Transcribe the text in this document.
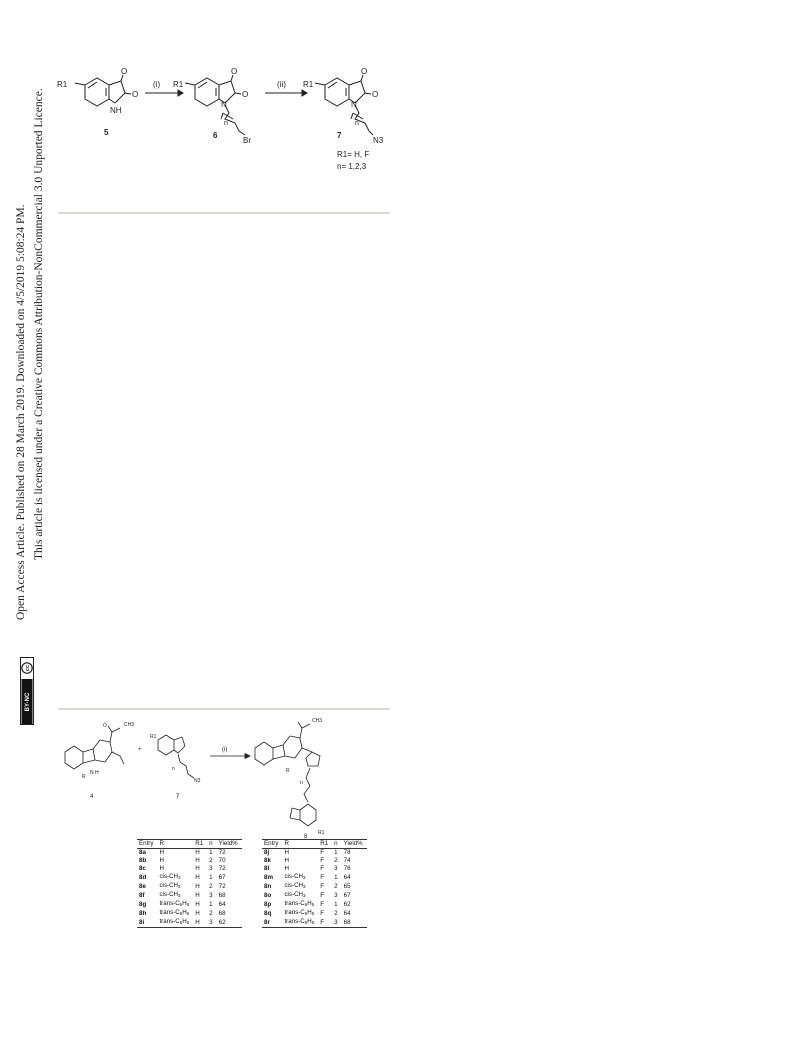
Open Access Article. Published on 28 March 2019. Downloaded on 4/5/2019 5:08:24 PM. This article is licensed under a Creative Commons Attribution-NonCommercial 3.0 Unported Licence.
cc
BY-NC
R1
O
O
NH
5
(i) R1
O
O
N
n
Br
6
(ii) R1
O
O
N
n
N3
7
R1= H, F
n= 1,2,3
CH3
O
R
N H
4
+
R1
n
N3
7
(i)
CH3
R
n
R1
8
Entry	R	R1	n	Yield%
8a	H	H	1	72
8b	H	H	2	70
8c	H	H	3	72
8d	cis-$CH_3$	H	1	67
8e	cis-$CH_3$	H	2	72
8f	cis-$CH_3$	H	3	68
8g	trans-$C_6H_5$	H	1	64
8h	trans-$C_6H_5$	H	2	68
8i	trans-$C_6H_5$	H	3	62
Entry	R	R1	n	Yield%
8j	H	F	1	78
8k	H	F	2	74
8l	H	F	3	76
8m	cis-$CH_3$	F	1	64
8n	cis-$CH_3$	F	2	65
8o	cis-$CH_3$	F	3	67
8p	trans-$C_6H_5$	F	1	62
8q	trans-$C_6H_5$	F	2	64
8r	trans-$C_6H_5$	F	3	68
